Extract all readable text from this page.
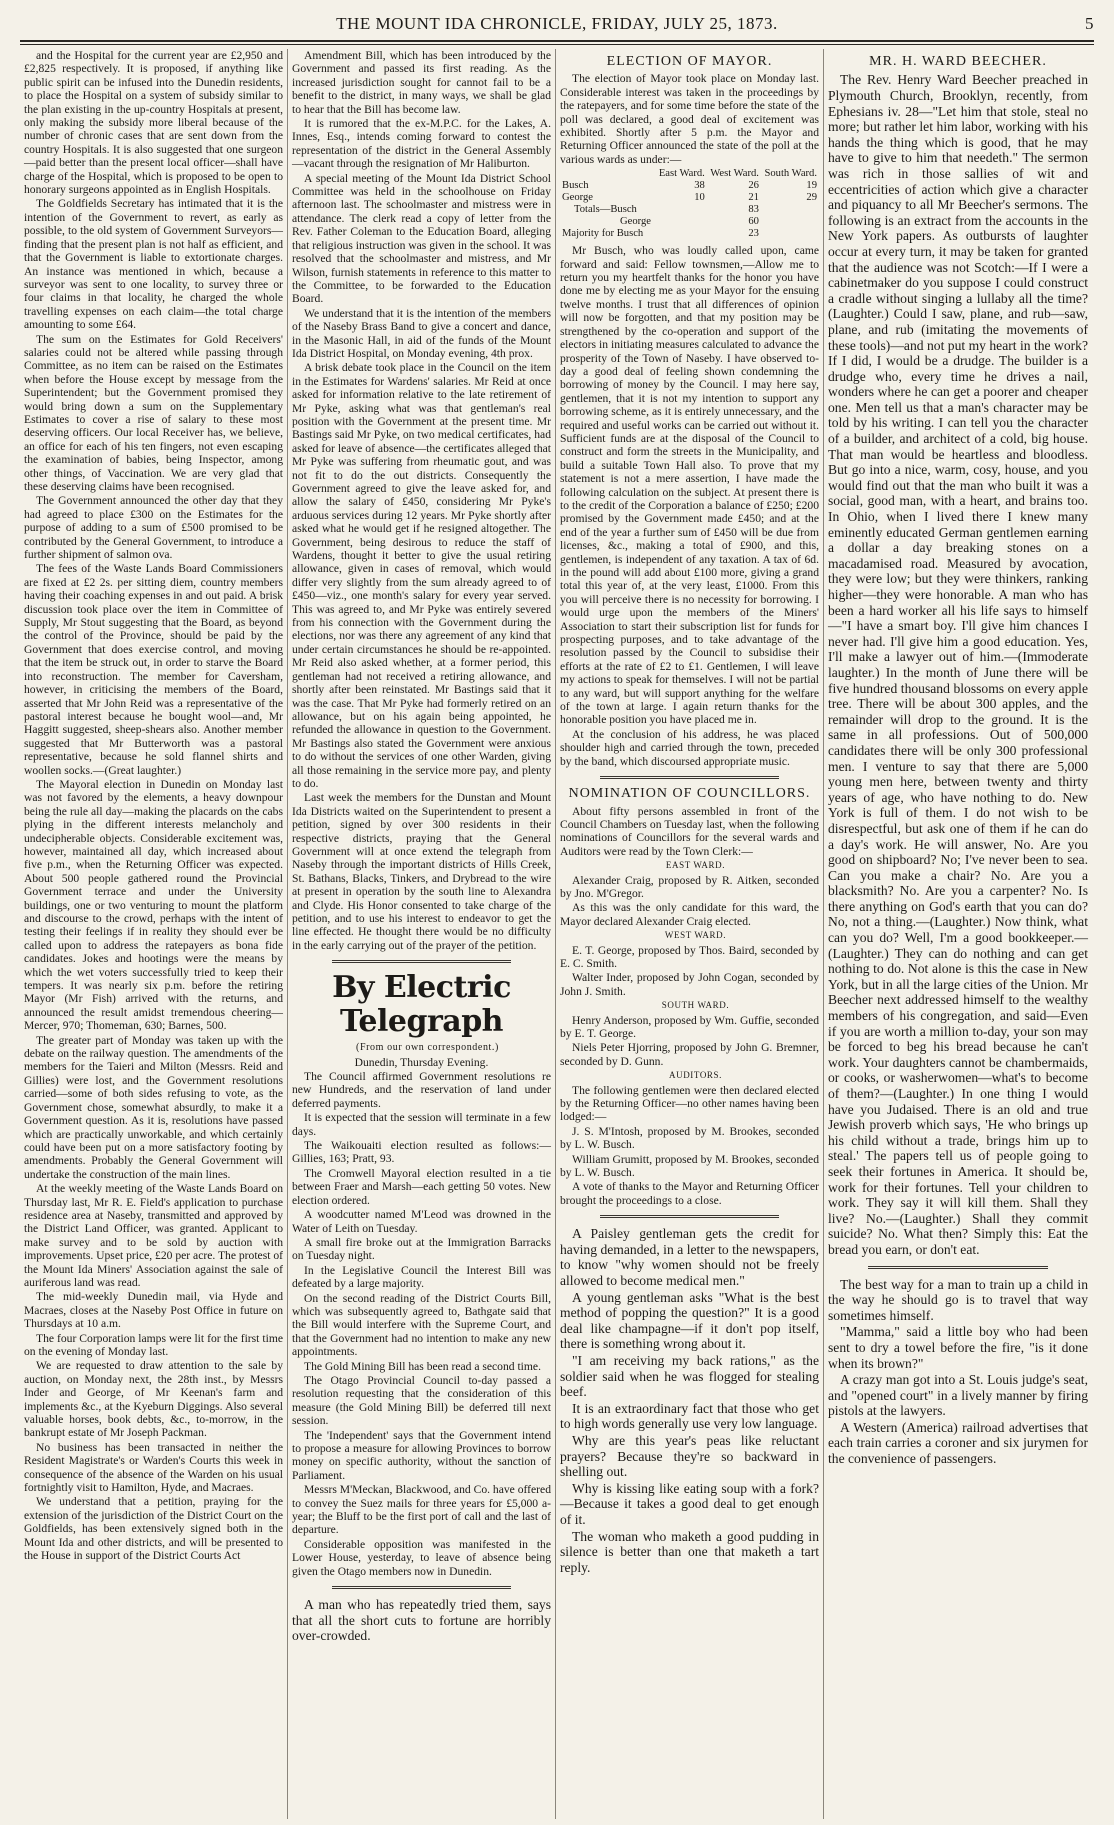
THE MOUNT IDA CHRONICLE, FRIDAY, JULY 25, 1873.	5

and the Hospital for the current year are £2,950 and £2,825 respectively. It is proposed, if anything like public spirit can be infused into the Dunedin residents, to place the Hospital on a system of subsidy similar to the plan existing in the up-country Hospitals at present, only making the subsidy more liberal because of the number of chronic cases that are sent down from the country Hospitals. It is also suggested that one surgeon—paid better than the present local officer—shall have charge of the Hospital, which is proposed to be open to honorary surgeons appointed as in English Hospitals.

The Goldfields Secretary has intimated that it is the intention of the Government to revert, as early as possible, to the old system of Government Surveyors—finding that the present plan is not half as efficient, and that the Government is liable to extortionate charges. An instance was mentioned in which, because a surveyor was sent to one locality, to survey three or four claims in that locality, he charged the whole travelling expenses on each claim—the total charge amounting to some £64.

The sum on the Estimates for Gold Receivers' salaries could not be altered while passing through Committee, as no item can be raised on the Estimates when before the House except by message from the Superintendent; but the Government promised they would bring down a sum on the Supplementary Estimates to cover a rise of salary to these most deserving officers. Our local Receiver has, we believe, an office for each of his ten fingers, not even escaping the examination of babies, being Inspector, among other things, of Vaccination. We are very glad that these deserving claims have been recognised.

The Government announced the other day that they had agreed to place £300 on the Estimates for the purpose of adding to a sum of £500 promised to be contributed by the General Government, to introduce a further shipment of salmon ova.

The fees of the Waste Lands Board Commissioners are fixed at £2 2s. per sitting diem, country members having their coaching expenses in and out paid. A brisk discussion took place over the item in Committee of Supply, Mr Stout suggesting that the Board, as beyond the control of the Province, should be paid by the Government that does exercise control, and moving that the item be struck out, in order to starve the Board into reconstruction. The member for Caversham, however, in criticising the members of the Board, asserted that Mr John Reid was a representative of the pastoral interest because he bought wool—and, Mr Haggitt suggested, sheep-shears also. Another member suggested that Mr Butterworth was a pastoral representative, because he sold flannel shirts and woollen socks.—(Great laughter.)

The Mayoral election in Dunedin on Monday last was not favored by the elements, a heavy downpour being the rule all day—making the placards on the cabs plying in the different interests melancholy and undecipherable objects. Considerable excitement was, however, maintained all day, which increased about five p.m., when the Returning Officer was expected. About 500 people gathered round the Provincial Government terrace and under the University buildings, one or two venturing to mount the platform and discourse to the crowd, perhaps with the intent of testing their feelings if in reality they should ever be called upon to address the ratepayers as bona fide candidates. Jokes and hootings were the means by which the wet voters successfully tried to keep their tempers. It was nearly six p.m. before the retiring Mayor (Mr Fish) arrived with the returns, and announced the result amidst tremendous cheering—Mercer, 970; Thomeman, 630; Barnes, 500.

The greater part of Monday was taken up with the debate on the railway question. The amendments of the members for the Taieri and Milton (Messrs. Reid and Gillies) were lost, and the Government resolutions carried—some of both sides refusing to vote, as the Government chose, somewhat absurdly, to make it a Government question. As it is, resolutions have passed which are practically unworkable, and which certainly could have been put on a more satisfactory footing by amendments. Probably the General Government will undertake the construction of the main lines.

At the weekly meeting of the Waste Lands Board on Thursday last, Mr R. E. Field's application to purchase residence area at Naseby, transmitted and approved by the District Land Officer, was granted. Applicant to make survey and to be sold by auction with improvements. Upset price, £20 per acre. The protest of the Mount Ida Miners' Association against the sale of auriferous land was read.

The mid-weekly Dunedin mail, via Hyde and Macraes, closes at the Naseby Post Office in future on Thursdays at 10 a.m.

The four Corporation lamps were lit for the first time on the evening of Monday last.

We are requested to draw attention to the sale by auction, on Monday next, the 28th inst., by Messrs Inder and George, of Mr Keenan's farm and implements &c., at the Kyeburn Diggings. Also several valuable horses, book debts, &c., to-morrow, in the bankrupt estate of Mr Joseph Packman.

No business has been transacted in neither the Resident Magistrate's or Warden's Courts this week in consequence of the absence of the Warden on his usual fortnightly visit to Hamilton, Hyde, and Macraes.

We understand that a petition, praying for the extension of the jurisdiction of the District Court on the Goldfields, has been extensively signed both in the Mount Ida and other districts, and will be presented to the House in support of the District Courts Act

Amendment Bill, which has been introduced by the Government and passed its first reading. As the increased jurisdiction sought for cannot fail to be a benefit to the district, in many ways, we shall be glad to hear that the Bill has become law.

It is rumored that the ex-M.P.C. for the Lakes, A. Innes, Esq., intends coming forward to contest the representation of the district in the General Assembly—vacant through the resignation of Mr Haliburton.

A special meeting of the Mount Ida District School Committee was held in the schoolhouse on Friday afternoon last. The schoolmaster and mistress were in attendance. The clerk read a copy of letter from the Rev. Father Coleman to the Education Board, alleging that religious instruction was given in the school. It was resolved that the schoolmaster and mistress, and Mr Wilson, furnish statements in reference to this matter to the Committee, to be forwarded to the Education Board.

We understand that it is the intention of the members of the Naseby Brass Band to give a concert and dance, in the Masonic Hall, in aid of the funds of the Mount Ida District Hospital, on Monday evening, 4th prox.

A brisk debate took place in the Council on the item in the Estimates for Wardens' salaries. Mr Reid at once asked for information relative to the late retirement of Mr Pyke, asking what was that gentleman's real position with the Government at the present time. Mr Bastings said Mr Pyke, on two medical certificates, had asked for leave of absence—the certificates alleged that Mr Pyke was suffering from rheumatic gout, and was not fit to do the out districts. Consequently the Government agreed to give the leave asked for, and allow the salary of £450, considering Mr Pyke's arduous services during 12 years. Mr Pyke shortly after asked what he would get if he resigned altogether. The Government, being desirous to reduce the staff of Wardens, thought it better to give the usual retiring allowance, given in cases of removal, which would differ very slightly from the sum already agreed to of £450—viz., one month's salary for every year served. This was agreed to, and Mr Pyke was entirely severed from his connection with the Government during the elections, nor was there any agreement of any kind that under certain circumstances he should be re-appointed. Mr Reid also asked whether, at a former period, this gentleman had not received a retiring allowance, and shortly after been reinstated. Mr Bastings said that it was the case. That Mr Pyke had formerly retired on an allowance, but on his again being appointed, he refunded the allowance in question to the Government. Mr Bastings also stated the Government were anxious to do without the services of one other Warden, giving all those remaining in the service more pay, and plenty to do.

Last week the members for the Dunstan and Mount Ida Districts waited on the Superintendent to present a petition, signed by over 300 residents in their respective districts, praying that the General Government will at once extend the telegraph from Naseby through the important districts of Hills Creek, St. Bathans, Blacks, Tinkers, and Drybread to the wire at present in operation by the south line to Alexandra and Clyde. His Honor consented to take charge of the petition, and to use his interest to endeavor to get the line effected. He thought there would be no difficulty in the early carrying out of the prayer of the petition.

By Electric Telegraph

(From our own correspondent.)

Dunedin, Thursday Evening.

The Council affirmed Government resolutions re new Hundreds, and the reservation of land under deferred payments.

It is expected that the session will terminate in a few days.

The Waikouaiti election resulted as follows:—Gillies, 163; Pratt, 93.

The Cromwell Mayoral election resulted in a tie between Fraer and Marsh—each getting 50 votes. New election ordered.

A woodcutter named M'Leod was drowned in the Water of Leith on Tuesday.

A small fire broke out at the Immigration Barracks on Tuesday night.

In the Legislative Council the Interest Bill was defeated by a large majority.

On the second reading of the District Courts Bill, which was subsequently agreed to, Bathgate said that the Bill would interfere with the Supreme Court, and that the Government had no intention to make any new appointments.

The Gold Mining Bill has been read a second time.

The Otago Provincial Council to-day passed a resolution requesting that the consideration of this measure (the Gold Mining Bill) be deferred till next session.

The 'Independent' says that the Government intend to propose a measure for allowing Provinces to borrow money on specific authority, without the sanction of Parliament.

Messrs M'Meckan, Blackwood, and Co. have offered to convey the Suez mails for three years for £5,000 a-year; the Bluff to be the first port of call and the last of departure.

Considerable opposition was manifested in the Lower House, yesterday, to leave of absence being given the Otago members now in Dunedin.

A man who has repeatedly tried them, says that all the short cuts to fortune are horribly over-crowded.

ELECTION OF MAYOR.

The election of Mayor took place on Monday last. Considerable interest was taken in the proceedings by the ratepayers, and for some time before the state of the poll was declared, a good deal of excitement was exhibited. Shortly after 5 p.m. the Mayor and Returning Officer announced the state of the poll at the various wards as under:—

	East Ward.	West Ward.	South Ward.
Busch	38	26	19
George	10	21	29
Totals—Busch		83	
George		60	
Majority for Busch		23	

Mr Busch, who was loudly called upon, came forward and said: Fellow townsmen,—Allow me to return you my heartfelt thanks for the honor you have done me by electing me as your Mayor for the ensuing twelve months. I trust that all differences of opinion will now be forgotten, and that my position may be strengthened by the co-operation and support of the electors in initiating measures calculated to advance the prosperity of the Town of Naseby. I have observed to-day a good deal of feeling shown condemning the borrowing of money by the Council. I may here say, gentlemen, that it is not my intention to support any borrowing scheme, as it is entirely unnecessary, and the required and useful works can be carried out without it. Sufficient funds are at the disposal of the Council to construct and form the streets in the Municipality, and build a suitable Town Hall also. To prove that my statement is not a mere assertion, I have made the following calculation on the subject. At present there is to the credit of the Corporation a balance of £250; £200 promised by the Government made £450; and at the end of the year a further sum of £450 will be due from licenses, &c., making a total of £900, and this, gentlemen, is independent of any taxation. A tax of 6d. in the pound will add about £100 more, giving a grand total this year of, at the very least, £1000. From this you will perceive there is no necessity for borrowing. I would urge upon the members of the Miners' Association to start their subscription list for funds for prospecting purposes, and to take advantage of the resolution passed by the Council to subsidise their efforts at the rate of £2 to £1. Gentlemen, I will leave my actions to speak for themselves. I will not be partial to any ward, but will support anything for the welfare of the town at large. I again return thanks for the honorable position you have placed me in.

At the conclusion of his address, he was placed shoulder high and carried through the town, preceded by the band, which discoursed appropriate music.

NOMINATION OF COUNCILLORS.

About fifty persons assembled in front of the Council Chambers on Tuesday last, when the following nominations of Councillors for the several wards and Auditors were read by the Town Clerk:—

EAST WARD.

Alexander Craig, proposed by R. Aitken, seconded by Jno. M'Gregor.

As this was the only candidate for this ward, the Mayor declared Alexander Craig elected.

WEST WARD.

E. T. George, proposed by Thos. Baird, seconded by E. C. Smith.

Walter Inder, proposed by John Cogan, seconded by John J. Smith.

SOUTH WARD.

Henry Anderson, proposed by Wm. Guffie, seconded by E. T. George.

Niels Peter Hjorring, proposed by John G. Bremner, seconded by D. Gunn.

AUDITORS.

The following gentlemen were then declared elected by the Returning Officer—no other names having been lodged:—

J. S. M'Intosh, proposed by M. Brookes, seconded by L. W. Busch.

William Grumitt, proposed by M. Brookes, seconded by L. W. Busch.

A vote of thanks to the Mayor and Returning Officer brought the proceedings to a close.

A Paisley gentleman gets the credit for having demanded, in a letter to the newspapers, to know "why women should not be freely allowed to become medical men."

A young gentleman asks "What is the best method of popping the question?" It is a good deal like champagne—if it don't pop itself, there is something wrong about it.

"I am receiving my back rations," as the soldier said when he was flogged for stealing beef.

It is an extraordinary fact that those who get to high words generally use very low language.

Why are this year's peas like reluctant prayers? Because they're so backward in shelling out.

Why is kissing like eating soup with a fork?—Because it takes a good deal to get enough of it.

The woman who maketh a good pudding in silence is better than one that maketh a tart reply.

MR. H. WARD BEECHER.

The Rev. Henry Ward Beecher preached in Plymouth Church, Brooklyn, recently, from Ephesians iv. 28—"Let him that stole, steal no more; but rather let him labor, working with his hands the thing which is good, that he may have to give to him that needeth." The sermon was rich in those sallies of wit and eccentricities of action which give a character and piquancy to all Mr Beecher's sermons. The following is an extract from the accounts in the New York papers. As outbursts of laughter occur at every turn, it may be taken for granted that the audience was not Scotch:—If I were a cabinetmaker do you suppose I could construct a cradle without singing a lullaby all the time? (Laughter.) Could I saw, plane, and rub—saw, plane, and rub (imitating the movements of these tools)—and not put my heart in the work? If I did, I would be a drudge. The builder is a drudge who, every time he drives a nail, wonders where he can get a poorer and cheaper one. Men tell us that a man's character may be told by his writing. I can tell you the character of a builder, and architect of a cold, big house. That man would be heartless and bloodless. But go into a nice, warm, cosy, house, and you would find out that the man who built it was a social, good man, with a heart, and brains too. In Ohio, when I lived there I knew many eminently educated German gentlemen earning a dollar a day breaking stones on a macadamised road. Measured by avocation, they were low; but they were thinkers, ranking higher—they were honorable. A man who has been a hard worker all his life says to himself—"I have a smart boy. I'll give him chances I never had. I'll give him a good education. Yes, I'll make a lawyer out of him.—(Immoderate laughter.) In the month of June there will be five hundred thousand blossoms on every apple tree. There will be about 300 apples, and the remainder will drop to the ground. It is the same in all professions. Out of 500,000 candidates there will be only 300 professional men. I venture to say that there are 5,000 young men here, between twenty and thirty years of age, who have nothing to do. New York is full of them. I do not wish to be disrespectful, but ask one of them if he can do a day's work. He will answer, No. Are you good on shipboard? No; I've never been to sea. Can you make a chair? No. Are you a blacksmith? No. Are you a carpenter? No. Is there anything on God's earth that you can do? No, not a thing.—(Laughter.) Now think, what can you do? Well, I'm a good bookkeeper.—(Laughter.) They can do nothing and can get nothing to do. Not alone is this the case in New York, but in all the large cities of the Union. Mr Beecher next addressed himself to the wealthy members of his congregation, and said—Even if you are worth a million to-day, your son may be forced to beg his bread because he can't work. Your daughters cannot be chambermaids, or cooks, or washerwomen—what's to become of them?—(Laughter.) In one thing I would have you Judaised. There is an old and true Jewish proverb which says, 'He who brings up his child without a trade, brings him up to steal.' The papers tell us of people going to seek their fortunes in America. It should be, work for their fortunes. Tell your children to work. They say it will kill them. Shall they live? No.—(Laughter.) Shall they commit suicide? No. What then? Simply this: Eat the bread you earn, or don't eat.

The best way for a man to train up a child in the way he should go is to travel that way sometimes himself.

"Mamma," said a little boy who had been sent to dry a towel before the fire, "is it done when its brown?"

A crazy man got into a St. Louis judge's seat, and "opened court" in a lively manner by firing pistols at the lawyers.

A Western (America) railroad advertises that each train carries a coroner and six jurymen for the convenience of passengers.
